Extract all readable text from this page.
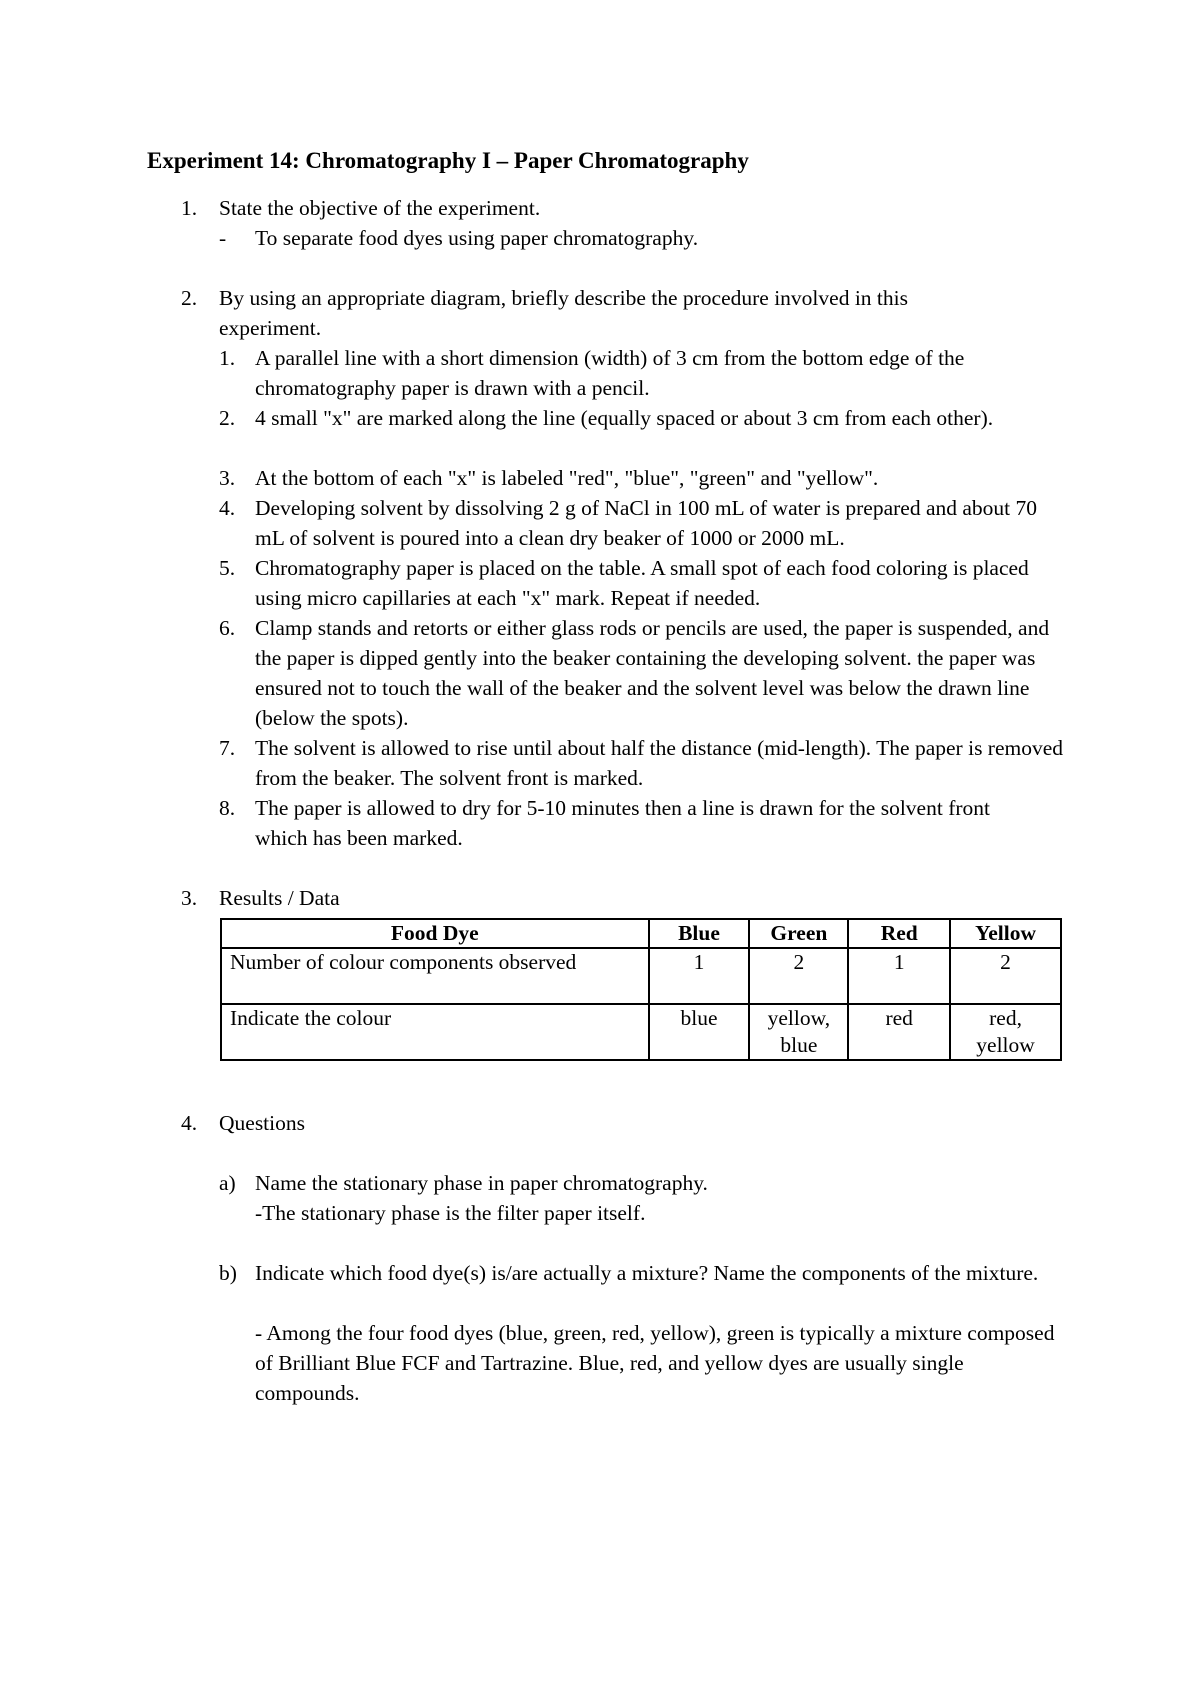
Experiment 14: Chromatography I – Paper Chromatography
1. State the objective of the experiment.
- To separate food dyes using paper chromatography.
2. By using an appropriate diagram, briefly describe the procedure involved in this
experiment.
1. A parallel line with a short dimension (width) of 3 cm from the bottom edge of the chromatography paper is drawn with a pencil.
2. 4 small "x" are marked along the line (equally spaced or about 3 cm from each other).
3. At the bottom of each "x" is labeled "red", "blue", "green" and "yellow".
4. Developing solvent by dissolving 2 g of NaCl in 100 mL of water is prepared and about 70 mL of solvent is poured into a clean dry beaker of 1000 or 2000 mL.
5. Chromatography paper is placed on the table. A small spot of each food coloring is placed using micro capillaries at each "x" mark. Repeat if needed.
6. Clamp stands and retorts or either glass rods or pencils are used, the paper is suspended, and the paper is dipped gently into the beaker containing the developing solvent. the paper was ensured not to touch the wall of the beaker and the solvent level was below the drawn line (below the spots).
7. The solvent is allowed to rise until about half the distance (mid-length). The paper is removed from the beaker. The solvent front is marked.
8. The paper is allowed to dry for 5-10 minutes then a line is drawn for the solvent front which has been marked.
3. Results / Data
Food Dye	Blue	Green	Red	Yellow
Number of colour components observed	1	2	1	2
Indicate the colour	blue	yellow, blue	red	red, yellow
4. Questions
a) Name the stationary phase in paper chromatography.
-The stationary phase is the filter paper itself.
b) Indicate which food dye(s) is/are actually a mixture? Name the components of the mixture.
- Among the four food dyes (blue, green, red, yellow), green is typically a mixture composed of Brilliant Blue FCF and Tartrazine. Blue, red, and yellow dyes are usually single compounds.
